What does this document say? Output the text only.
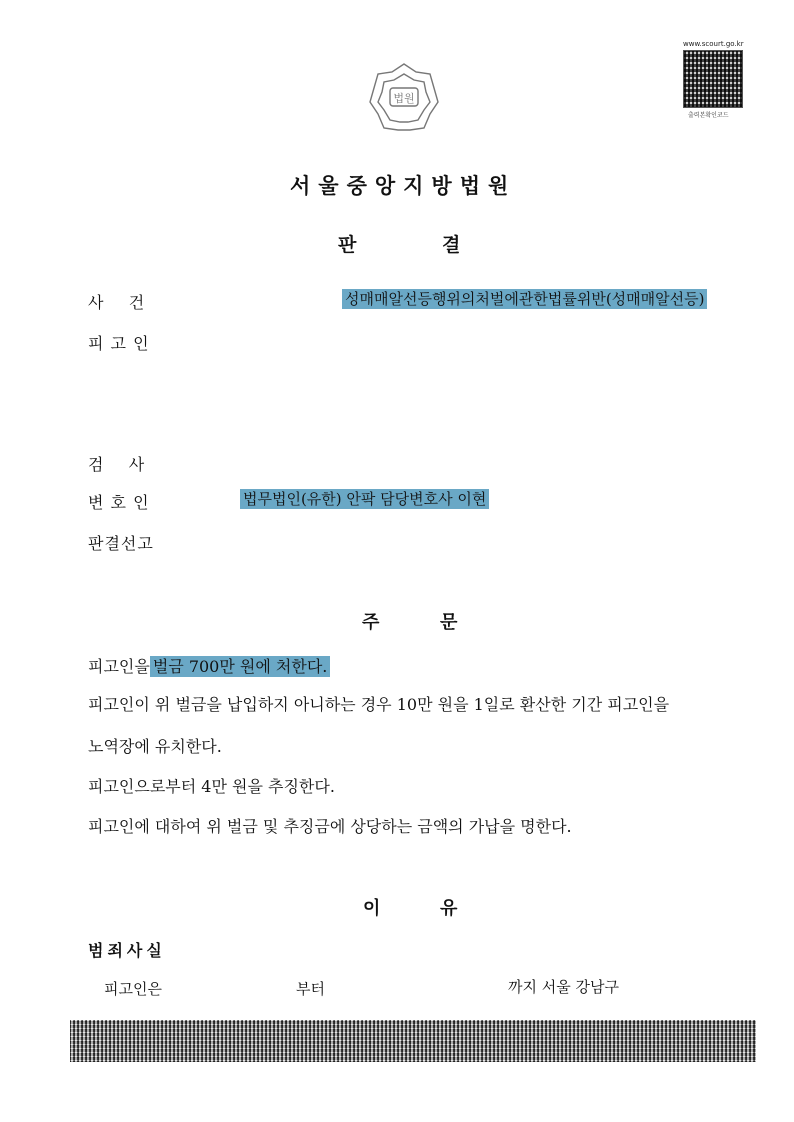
법원
www.scourt.go.kr
출력본확인코드
서울중앙지방법원
판	결
사    건	성매매알선등행위의처벌에관한법률위반(성매매알선등)
피 고 인
검    사
변 호 인	법무법인(유한) 안팍 담당변호사 이현
판결선고
주	문
피고인을 벌금 700만 원에 처한다.
피고인이 위 벌금을 납입하지 아니하는 경우 10만 원을 1일로 환산한 기간 피고인을
노역장에 유치한다.
피고인으로부터 4만 원을 추징한다.
피고인에 대하여 위 벌금 및 추징금에 상당하는 금액의 가납을 명한다.
이	유
범죄사실
피고인은	부터	까지 서울 강남구
